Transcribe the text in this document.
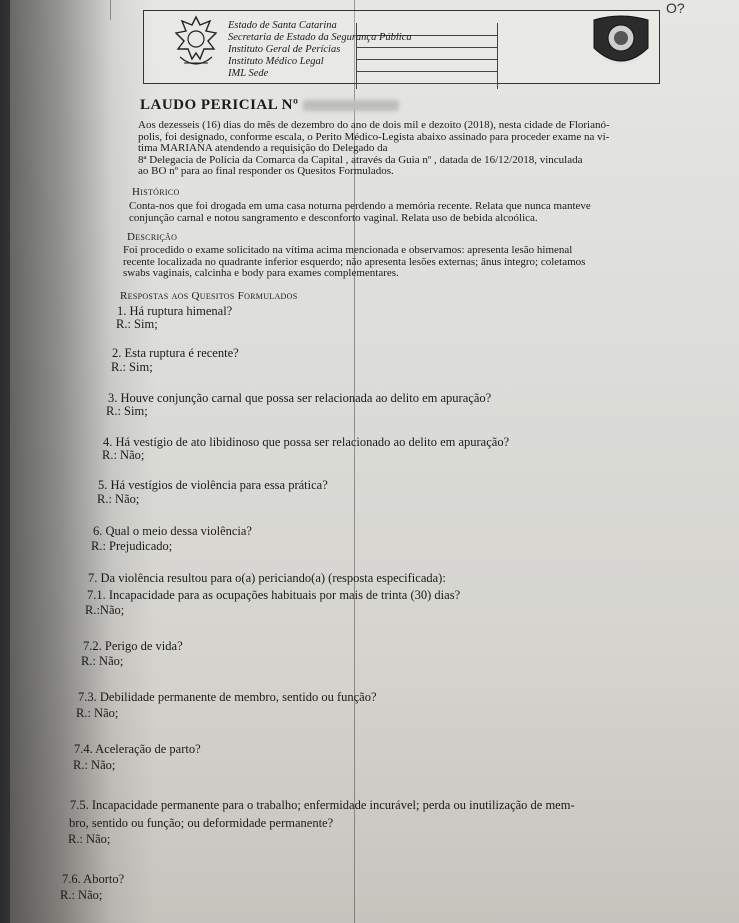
O?
Estado de Santa Catarina
Secretaria de Estado da Segurança Pública
Instituto Geral de Perícias
Instituto Médico Legal
IML Sede
LAUDO PERICIAL Nº

Aos dezesseis (16) dias do mês de dezembro do ano de dois mil e dezoito (2018), nesta cidade de Florianó-

polis, foi designado, conforme escala, o Perito Médico-Legista abaixo assinado para proceder exame na ví-

tima MARIANA atendendo a requisição do Delegado da

8ª Delegacia de Polícia da Comarca da Capital , através da Guia nº , datada de 16/12/2018, vinculada

ao BO nº para ao final responder os Quesitos Formulados.

Histórico

Conta-nos que foi drogada em uma casa noturna perdendo a memória recente. Relata que nunca manteve

conjunção carnal e notou sangramento e desconforto vaginal. Relata uso de bebida alcoólica.

Descrição

Foi procedido o exame solicitado na vítima acima mencionada e observamos: apresenta lesão himenal

recente localizada no quadrante inferior esquerdo; não apresenta lesões externas; ânus íntegro; coletamos

swabs vaginais, calcinha e body para exames complementares.

Respostas aos Quesitos Formulados
1. Há ruptura himenal?
R.: Sim;
2. Esta ruptura é recente?
R.: Sim;
3. Houve conjunção carnal que possa ser relacionada ao delito em apuração?
R.: Sim;
4. Há vestígio de ato libidinoso que possa ser relacionado ao delito em apuração?
R.: Não;
5. Há vestígios de violência para essa prática?
R.: Não;
6. Qual o meio dessa violência?
R.: Prejudicado;
7. Da violência resultou para o(a) periciando(a) (resposta especificada):
7.1. Incapacidade para as ocupações habituais por mais de trinta (30) dias?
R.:Não;
7.2. Perigo de vida?
R.: Não;
7.3. Debilidade permanente de membro, sentido ou função?
R.: Não;
7.4. Aceleração de parto?
R.: Não;
7.5. Incapacidade permanente para o trabalho; enfermidade incurável; perda ou inutilização de mem-
bro, sentido ou função; ou deformidade permanente?
R.: Não;
7.6. Aborto?
R.: Não;
